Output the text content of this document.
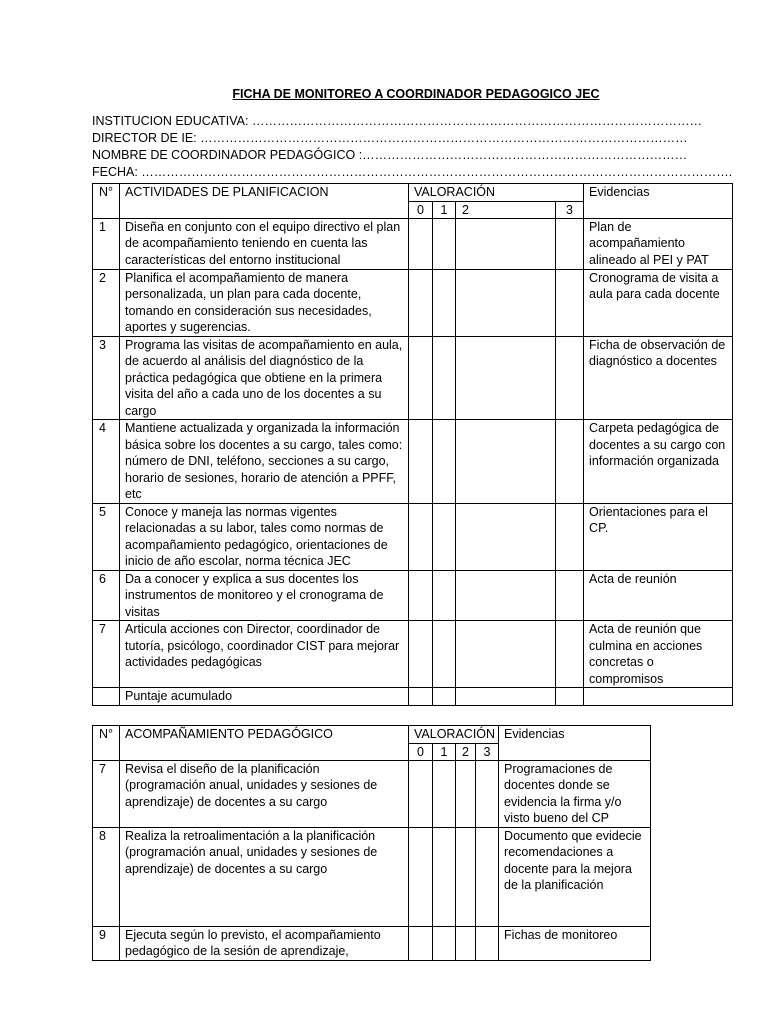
FICHA DE MONITOREO A COORDINADOR PEDAGOGICO JEC
INSTITUCION EDUCATIVA: ………………………………………………………………………………………………
DIRECTOR DE IE: ………………………………………………………………………………………………………
NOMBRE DE COORDINADOR PEDAGÓGICO :……………………………………………………………………
FECHA: …………………………………………………………………………………………………………………………….
N°	ACTIVIDADES DE PLANIFICACION	VALORACIÓN				Evidencias
		0	1	2	3	
1	Diseña en conjunto con el equipo directivo el plan de acompañamiento teniendo en cuenta las características del entorno institucional					Plan de acompañamiento alineado al PEI y PAT
2	Planifica el acompañamiento de manera personalizada, un plan para cada docente, tomando en consideración sus necesidades, aportes y sugerencias.					Cronograma de visita a aula para cada docente
3	Programa las visitas de acompañamiento en aula, de acuerdo al análisis del diagnóstico de la práctica pedagógica que obtiene en la primera visita del año a cada uno de los docentes a su cargo					Ficha de observación de diagnóstico a docentes
4	Mantiene actualizada y organizada la información básica sobre los docentes a su cargo, tales como: número de DNI, teléfono, secciones a su cargo, horario de sesiones, horario de atención a PPFF, etc					Carpeta pedagógica de docentes a su cargo con información organizada
5	Conoce y maneja las normas vigentes relacionadas a su labor, tales como normas de acompañamiento pedagógico, orientaciones de inicio de año escolar, norma técnica JEC					Orientaciones para el CP.
6	Da a conocer y explica a sus docentes los instrumentos de monitoreo y el cronograma de visitas					Acta de reunión
7	Articula acciones con Director, coordinador de tutoría, psicólogo, coordinador CIST para mejorar actividades pedagógicas					Acta de reunión que culmina en acciones concretas o compromisos
	Puntaje acumulado					
N°	ACOMPAÑAMIENTO PEDAGÓGICO	VALORACIÓN				Evidencias
		0	1	2	3	
7	Revisa el diseño de la planificación (programación anual, unidades y sesiones de aprendizaje) de docentes a su cargo					Programaciones de docentes donde se evidencia la firma y/o visto bueno del CP
8	Realiza la retroalimentación a la planificación (programación anual, unidades y sesiones de aprendizaje) de docentes a su cargo					Documento que evidecie recomendaciones a docente para la mejora de la planificación
9	Ejecuta según lo previsto, el acompañamiento pedagógico de la sesión de aprendizaje,					Fichas de monitoreo
